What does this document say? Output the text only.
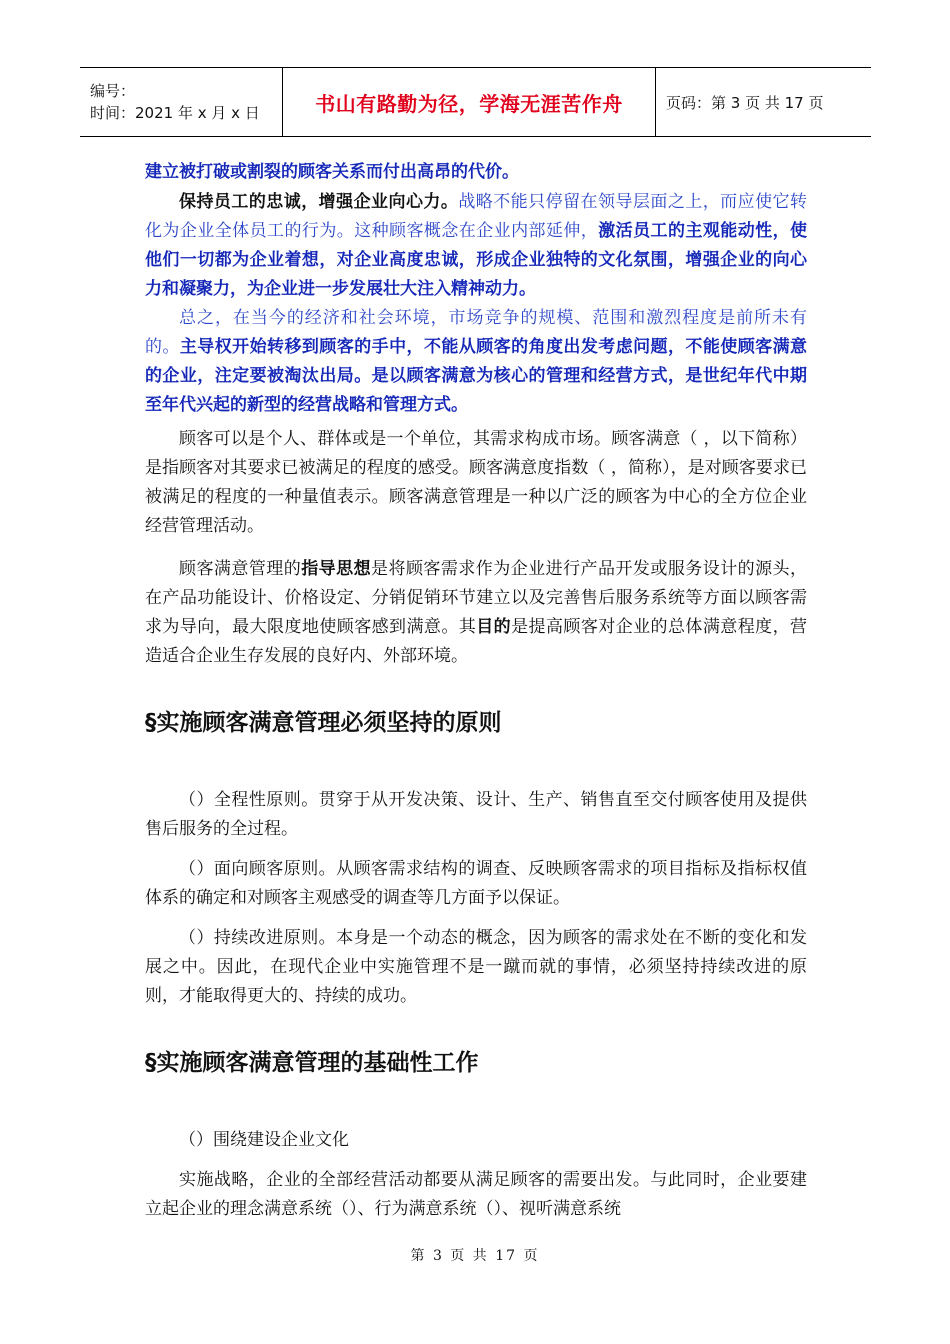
编号：
时间：2021 年 x 月 x 日	书山有路勤为径，学海无涯苦作舟	页码：第 3 页 共 17 页

建立被打破或割裂的顾客关系而付出高昂的代价。

保持员工的忠诚，增强企业向心力。战略不能只停留在领导层面之上，而应使它转化为企业全体员工的行为。这种顾客概念在企业内部延伸，激活员工的主观能动性，使他们一切都为企业着想，对企业高度忠诚，形成企业独特的文化氛围，增强企业的向心力和凝聚力，为企业进一步发展壮大注入精神动力。

总之，在当今的经济和社会环境，市场竞争的规模、范围和激烈程度是前所未有的。主导权开始转移到顾客的手中，不能从顾客的角度出发考虑问题，不能使顾客满意的企业，注定要被淘汰出局。是以顾客满意为核心的管理和经营方式，是世纪年代中期至年代兴起的新型的经营战略和管理方式。

顾客可以是个人、群体或是一个单位，其需求构成市场。顾客满意（ ，以下简称）是指顾客对其要求已被满足的程度的感受。顾客满意度指数（ ，简称），是对顾客要求已被满足的程度的一种量值表示。顾客满意管理是一种以广泛的顾客为中心的全方位企业经营管理活动。

顾客满意管理的指导思想是将顾客需求作为企业进行产品开发或服务设计的源头，在产品功能设计、价格设定、分销促销环节建立以及完善售后服务系统等方面以顾客需求为导向，最大限度地使顾客感到满意。其目的是提高顾客对企业的总体满意程度，营造适合企业生存发展的良好内、外部环境。

§实施顾客满意管理必须坚持的原则

（）全程性原则。贯穿于从开发决策、设计、生产、销售直至交付顾客使用及提供售后服务的全过程。

（）面向顾客原则。从顾客需求结构的调查、反映顾客需求的项目指标及指标权值体系的确定和对顾客主观感受的调查等几方面予以保证。

（）持续改进原则。本身是一个动态的概念，因为顾客的需求处在不断的变化和发展之中。因此，在现代企业中实施管理不是一蹴而就的事情，必须坚持持续改进的原则，才能取得更大的、持续的成功。

§实施顾客满意管理的基础性工作

（）围绕建设企业文化

实施战略，企业的全部经营活动都要从满足顾客的需要出发。与此同时，企业要建立起企业的理念满意系统（）、行为满意系统（）、视听满意系统

第 3 页 共 17 页
